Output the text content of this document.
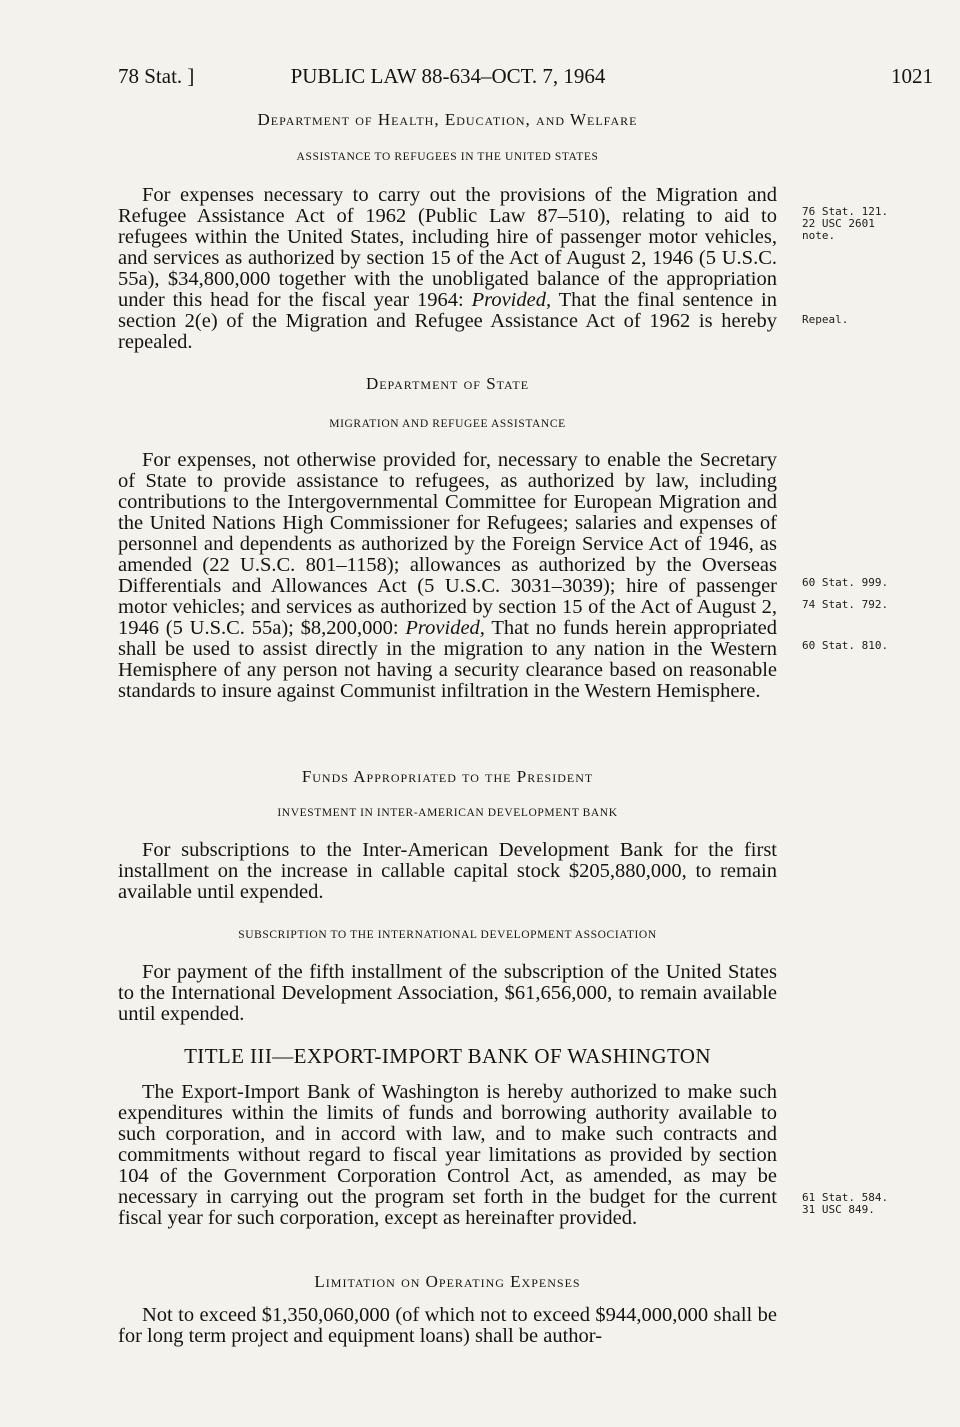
78 Stat. ]	PUBLIC LAW 88-634–OCT. 7, 1964	1021

Department of Health, Education, and Welfare

ASSISTANCE TO REFUGEES IN THE UNITED STATES

For expenses necessary to carry out the provisions of the Migration and Refugee Assistance Act of 1962 (Public Law 87–510), relating to aid to refugees within the United States, including hire of passenger motor vehicles, and services as authorized by section 15 of the Act of August 2, 1946 (5 U.S.C. 55a), $34,800,000 together with the unobligated balance of the appropriation under this head for the fiscal year 1964: Provided, That the final sentence in section 2(e) of the Migration and Refugee Assistance Act of 1962 is hereby repealed.

Department of State

MIGRATION AND REFUGEE ASSISTANCE

For expenses, not otherwise provided for, necessary to enable the Secretary of State to provide assistance to refugees, as authorized by law, including contributions to the Intergovernmental Committee for European Migration and the United Nations High Commissioner for Refugees; salaries and expenses of personnel and dependents as authorized by the Foreign Service Act of 1946, as amended (22 U.S.C. 801–1158); allowances as authorized by the Overseas Differentials and Allowances Act (5 U.S.C. 3031–3039); hire of passenger motor vehicles; and services as authorized by section 15 of the Act of August 2, 1946 (5 U.S.C. 55a); $8,200,000: Provided, That no funds herein appropriated shall be used to assist directly in the migration to any nation in the Western Hemisphere of any person not having a security clearance based on reasonable standards to insure against Communist infiltration in the Western Hemisphere.

Funds Appropriated to the President

INVESTMENT IN INTER-AMERICAN DEVELOPMENT BANK

For subscriptions to the Inter-American Development Bank for the first installment on the increase in callable capital stock $205,880,000, to remain available until expended.

SUBSCRIPTION TO THE INTERNATIONAL DEVELOPMENT ASSOCIATION

For payment of the fifth installment of the subscription of the United States to the International Development Association, $61,656,000, to remain available until expended.

TITLE III—EXPORT-IMPORT BANK OF WASHINGTON

The Export-Import Bank of Washington is hereby authorized to make such expenditures within the limits of funds and borrowing authority available to such corporation, and in accord with law, and to make such contracts and commitments without regard to fiscal year limitations as provided by section 104 of the Government Corporation Control Act, as amended, as may be necessary in carrying out the program set forth in the budget for the current fiscal year for such corporation, except as hereinafter provided.

Limitation on Operating Expenses

Not to exceed $1,350,060,000 (of which not to exceed $944,000,000 shall be for long term project and equipment loans) shall be author-

76 Stat. 121.
22 USC 2601
note.
Repeal.
60 Stat. 999.
74 Stat. 792.
60 Stat. 810.
61 Stat. 584.
31 USC 849.
